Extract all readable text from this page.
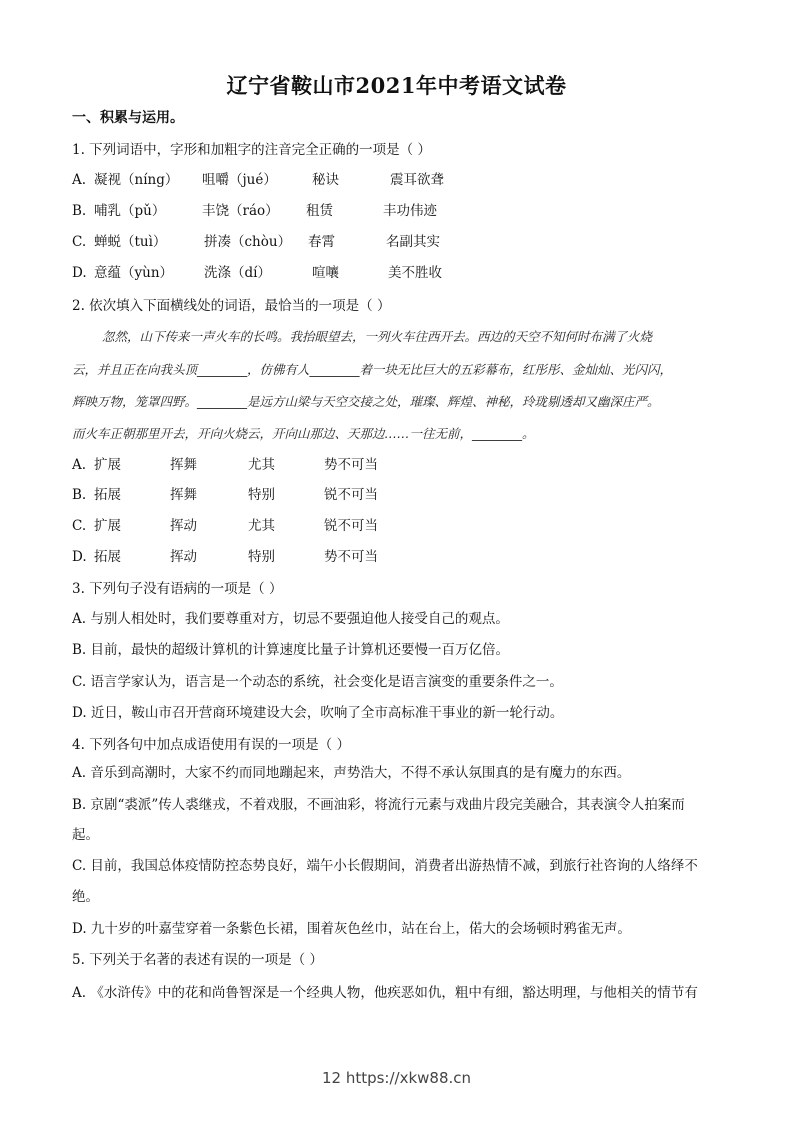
辽宁省鞍山市2021年中考语文试卷
一、积累与运用。
1. 下列词语中，字形和加粗字的注音完全正确的一项是（ ）
A. 凝视（níng） 咀嚼（jué）	秘诀	震耳欲聋
B. 哺乳（pǔ）	丰饶（ráo） 租赁	丰功伟迹
C. 蝉蜕（tuì）	拼凑（chòu） 春霄	名副其实
D. 意蕴（yùn） 洗涤（dí）	喧嚷	美不胜收
2. 依次填入下面横线处的词语，最恰当的一项是（ ）
忽然，山下传来一声火车的长鸣。我抬眼望去，一列火车往西开去。西边的天空不知何时布满了火烧
云，并且正在向我头顶________，仿佛有人________着一块无比巨大的五彩幕布，红彤彤、金灿灿、光闪闪，
辉映万物，笼罩四野。________是远方山梁与天空交接之处，璀璨、辉煌、神秘，玲珑剔透却又幽深庄严。
而火车正朝那里开去，开向火烧云，开向山那边、天那边……一往无前，________。
A. 扩展	挥舞	尤其	势不可当
B. 拓展	挥舞	特别	锐不可当
C. 扩展	挥动	尤其	锐不可当
D. 拓展	挥动	特别	势不可当
3. 下列句子没有语病的一项是（ ）
A. 与别人相处时，我们要尊重对方，切忌不要强迫他人接受自己的观点。
B. 目前，最快的超级计算机的计算速度比量子计算机还要慢一百万亿倍。
C. 语言学家认为，语言是一个动态的系统，社会变化是语言演变的重要条件之一。
D. 近日，鞍山市召开营商环境建设大会，吹响了全市高标准干事业的新一轮行动。
4. 下列各句中加点成语使用有误的一项是（ ）
A. 音乐到高潮时，大家不约而同地蹦起来，声势浩大，不得不承认氛围真的是有魔力的东西。
B. 京剧“裘派”传人裘继戎，不着戏服，不画油彩，将流行元素与戏曲片段完美融合，其表演令人拍案而
起。
C. 目前，我国总体疫情防控态势良好，端午小长假期间，消费者出游热情不减，到旅行社咨询的人络绎不
绝。
D. 九十岁的叶嘉莹穿着一条紫色长裙，围着灰色丝巾，站在台上，偌大的会场顿时鸦雀无声。
5. 下列关于名著的表述有误的一项是（ ）
A. 《水浒传》中的花和尚鲁智深是一个经典人物，他疾恶如仇，粗中有细，豁达明理，与他相关的情节有
12 https://xkw88.cn
